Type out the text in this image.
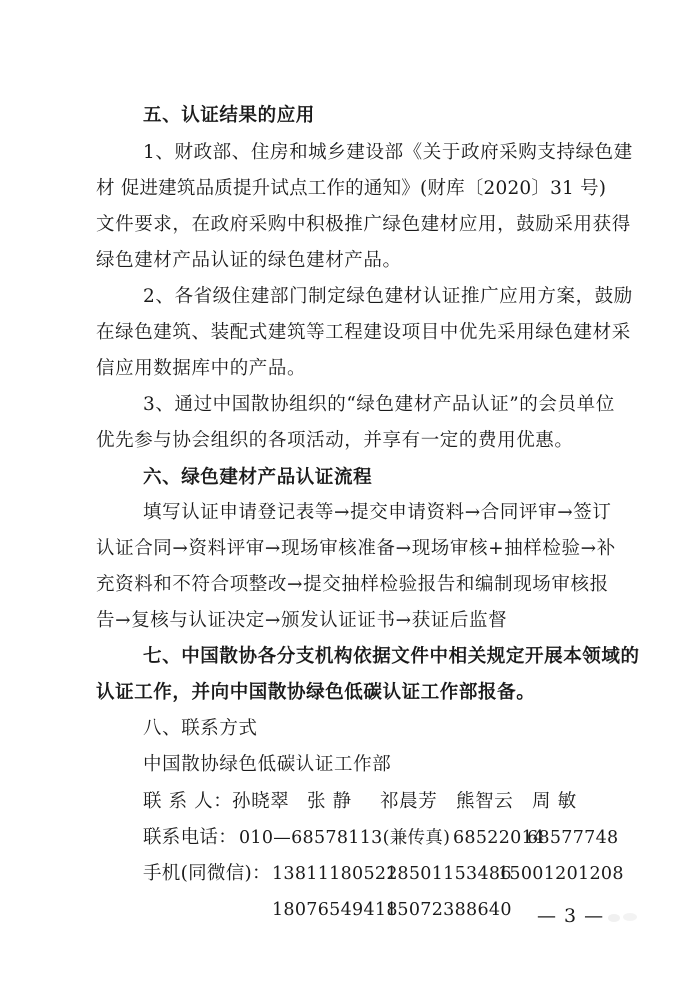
五、认证结果的应用
1、财政部、住房和城乡建设部《关于政府采购支持绿色建
材 促进建筑品质提升试点工作的通知》(财库〔2020〕31 号)
文件要求，在政府采购中积极推广绿色建材应用，鼓励采用获得
绿色建材产品认证的绿色建材产品。
2、各省级住建部门制定绿色建材认证推广应用方案，鼓励
在绿色建筑、装配式建筑等工程建设项目中优先采用绿色建材采
信应用数据库中的产品。
3、通过中国散协组织的“绿色建材产品认证”的会员单位
优先参与协会组织的各项活动，并享有一定的费用优惠。
六、绿色建材产品认证流程
填写认证申请登记表等→提交申请资料→合同评审→签订
认证合同→资料评审→现场审核准备→现场审核+抽样检验→补
充资料和不符合项整改→提交抽样检验报告和编制现场审核报
告→复核与认证决定→颁发认证证书→获证后监督
七、中国散协各分支机构依据文件中相关规定开展本领域的
认证工作，并向中国散协绿色低碳认证工作部报备。
八、联系方式
中国散协绿色低碳认证工作部
联 系 人： 孙晓翠 张 静 祁晨芳 熊智云 周 敏
联系电话： 010—68578113(兼传真) 68522014
68577748
手机(同微信)： 13811180522
18501153486
15001201208
18076549418
15072388640 — 3 —
